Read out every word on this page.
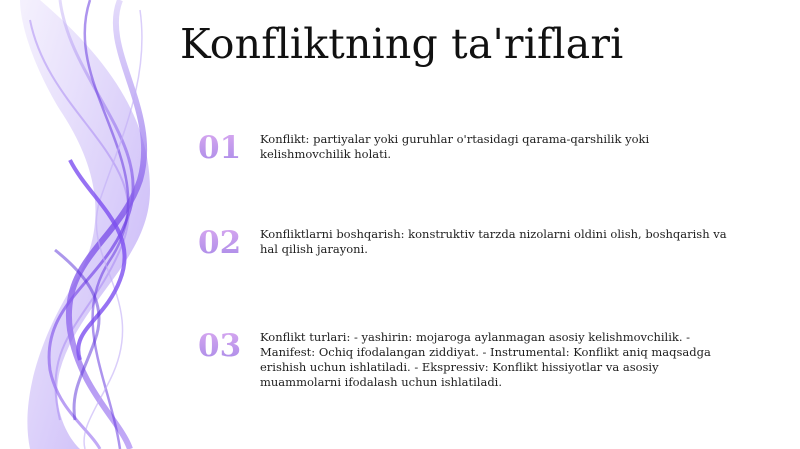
Konfliktning ta'riflari
01 Konflikt: partiyalar yoki guruhlar o'rtasidagi qarama-qarshilik yoki kelishmovchilik holati.
02 Konfliktlarni boshqarish: konstruktiv tarzda nizolarni oldini olish, boshqarish va hal qilish jarayoni.
03 Konflikt turlari: - yashirin: mojaroga aylanmagan asosiy kelishmovchilik. - Manifest: Ochiq ifodalangan ziddiyat. - Instrumental: Konflikt aniq maqsadga erishish uchun ishlatiladi. - Ekspressiv: Konflikt hissiyotlar va asosiy muammolarni ifodalash uchun ishlatiladi.
